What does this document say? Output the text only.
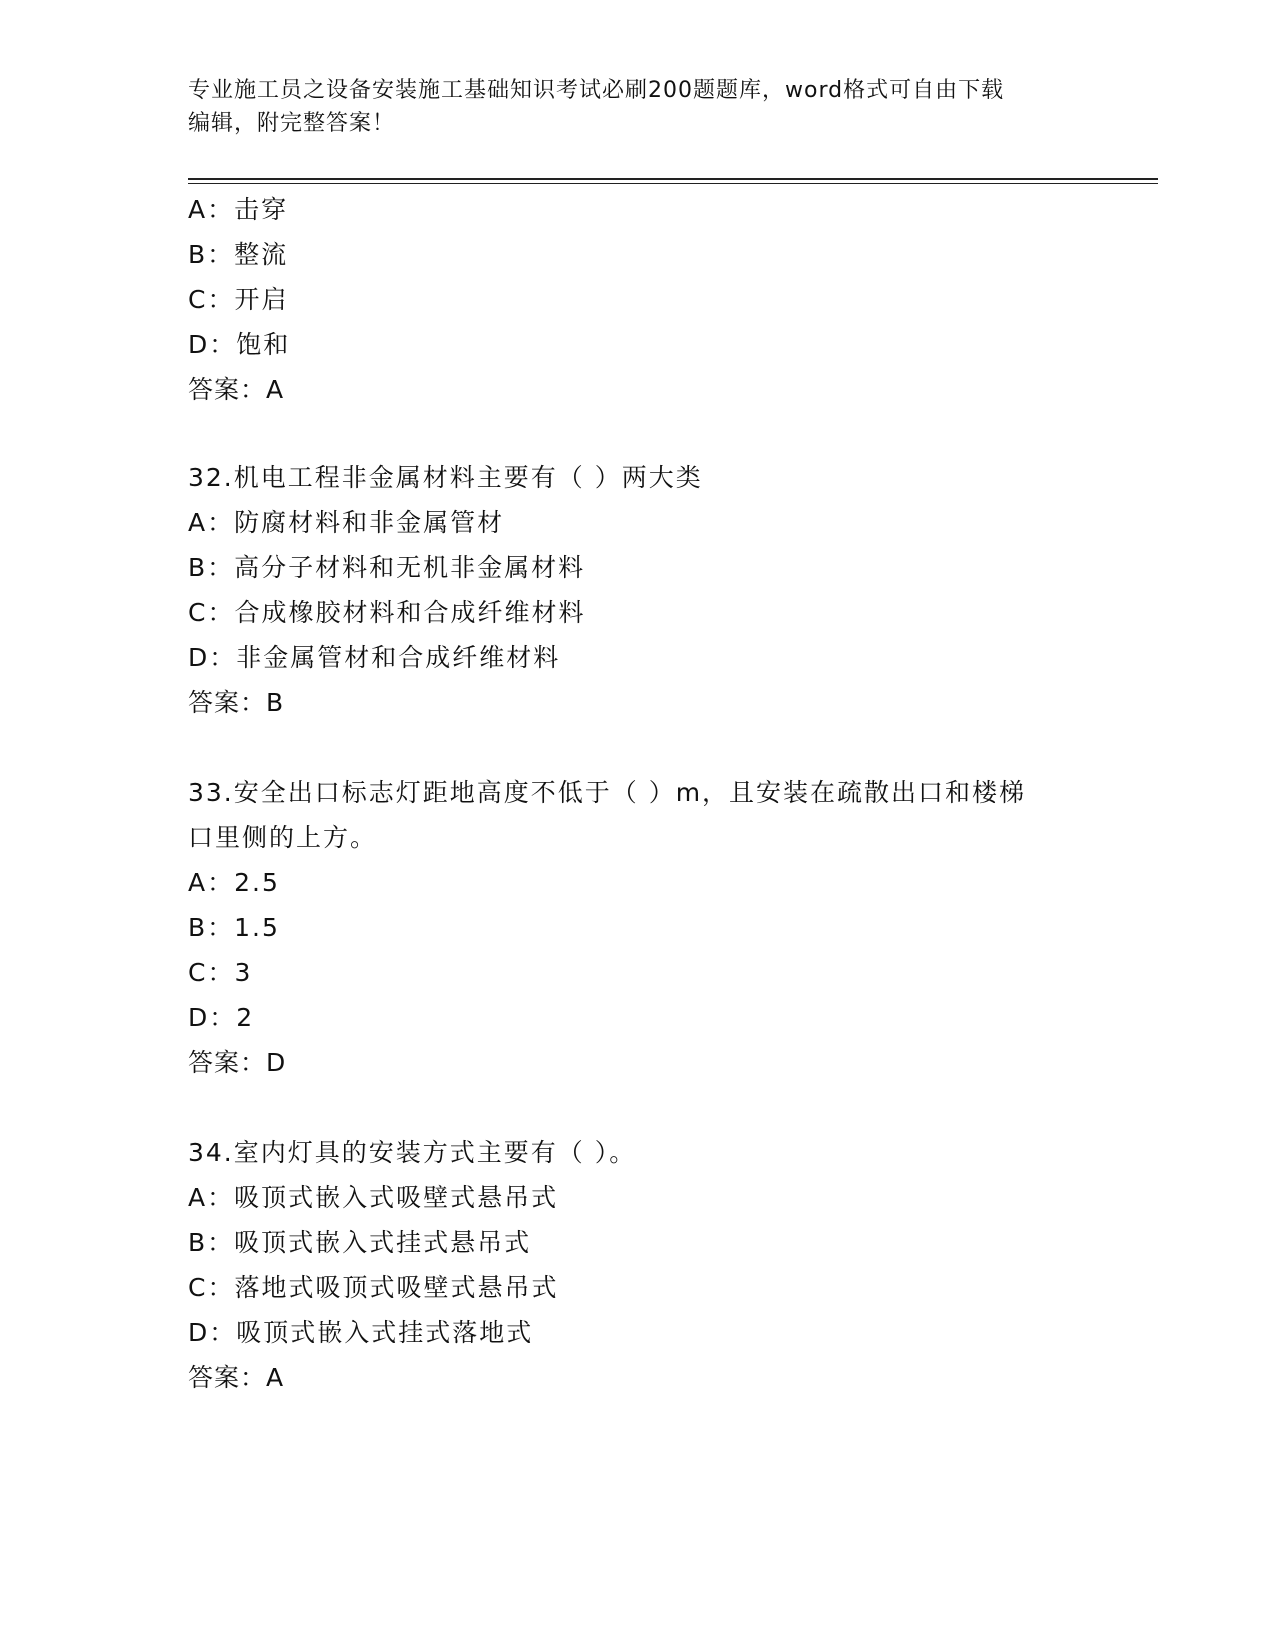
专业施工员之设备安装施工基础知识考试必刷200题题库，word格式可自由下载
编辑，附完整答案！
A：击穿
B：整流
C：开启
D：饱和
答案：A
32.机电工程非金属材料主要有（ ）两大类
A：防腐材料和非金属管材
B：高分子材料和无机非金属材料
C：合成橡胶材料和合成纤维材料
D：非金属管材和合成纤维材料
答案：B
33.安全出口标志灯距地高度不低于（ ）m，且安装在疏散出口和楼梯
口里侧的上方。
A：2.5
B：1.5
C：3
D：2
答案：D
34.室内灯具的安装方式主要有（ ）。
A：吸顶式嵌入式吸壁式悬吊式
B：吸顶式嵌入式挂式悬吊式
C：落地式吸顶式吸壁式悬吊式
D：吸顶式嵌入式挂式落地式
答案：A
